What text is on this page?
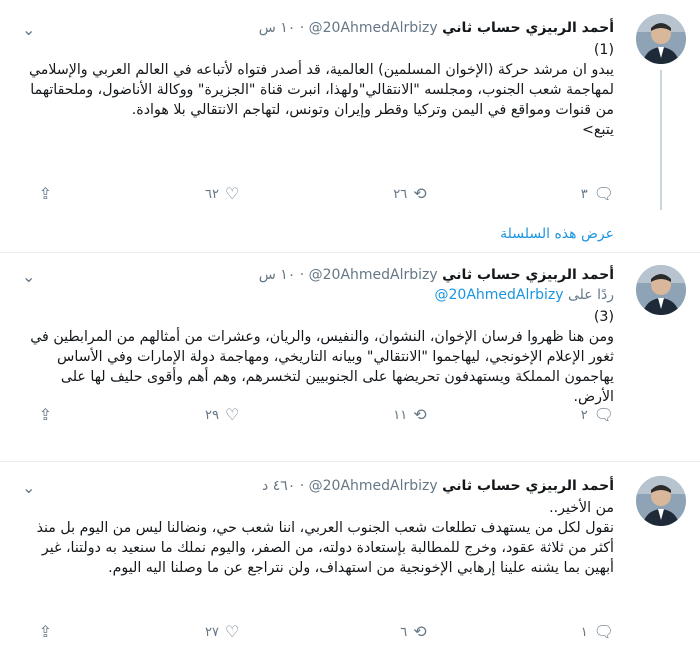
أحمد الربيزي حساب ثاني @20AhmedAlrbizy · ١٠ س
⌄
(1)
يبدو ان مرشد حركة (الإخوان المسلمين) العالمية، قد أصدر فتواه لأتباعه في العالم العربي والإسلامي لمهاجمة شعب الجنوب، ومجلسه "الانتقالي"ولهذا، انبرت قناة "الجزيرة" ووكالة الأناضول، وملحقاتهما من قنوات ومواقع في اليمن وتركيا وقطر وإيران وتونس، لتهاجم الانتقالي بلا هوادة.
يتبع>
🗨
٣
⟲
٢٦
♡
٦٢
⇪
عرض هذه السلسلة
أحمد الربيزي حساب ثاني @20AhmedAlrbizy · ١٠ س
⌄
ردًا على @20AhmedAlrbizy
(3)
ومن هنا ظهروا فرسان الإخوان، النشوان، والنفيس، والريان، وعشرات من أمثالهم من المرابطين في ثغور الإعلام الإخونجي، ليهاجموا "الانتقالي" وبيانه التاريخي، ومهاجمة دولة الإمارات وفي الأساس يهاجمون المملكة ويستهدفون تحريضها على الجنوبيين لتخسرهم، وهم أهم وأقوى حليف لها على الأرض.
🗨
٢
⟲
١١
♡
٢٩
⇪
أحمد الربيزي حساب ثاني @20AhmedAlrbizy · ٤٦٠ د
⌄
من الأخير..
نقول لكل من يستهدف تطلعات شعب الجنوب العربي، اننا شعب حي، ونضالنا ليس من اليوم بل منذ أكثر من ثلاثة عقود، وخرج للمطالبة بإستعادة دولته، من الصفر، واليوم نملك ما سنعيد به دولتنا، غير أبهين بما يشنه علينا إرهابي الإخونجية من استهداف، ولن نتراجع عن ما وصلنا اليه اليوم.
🗨
١
⟲
٦
♡
٢٧
⇪
